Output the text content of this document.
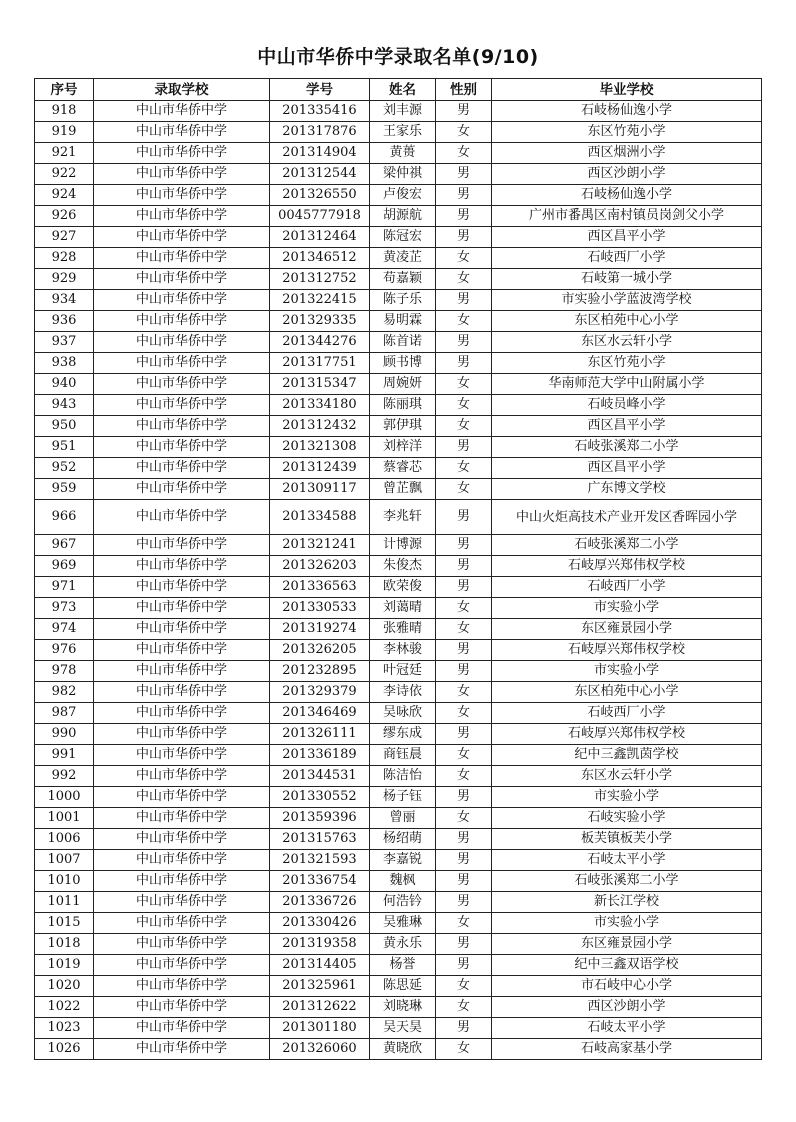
中山市华侨中学录取名单(9/10)
序号	录取学校	学号	姓名	性别	毕业学校
918	中山市华侨中学	201335416	刘丰源	男	石岐杨仙逸小学
919	中山市华侨中学	201317876	王家乐	女	东区竹苑小学
921	中山市华侨中学	201314904	黄蒉	女	西区烟洲小学
922	中山市华侨中学	201312544	梁仲祺	男	西区沙朗小学
924	中山市华侨中学	201326550	卢俊宏	男	石岐杨仙逸小学
926	中山市华侨中学	0045777918	胡源航	男	广州市番禺区南村镇员岗剑父小学
927	中山市华侨中学	201312464	陈冠宏	男	西区昌平小学
928	中山市华侨中学	201346512	黄凌芷	女	石岐西厂小学
929	中山市华侨中学	201312752	苟嘉颖	女	石岐第一城小学
934	中山市华侨中学	201322415	陈子乐	男	市实验小学蓝波湾学校
936	中山市华侨中学	201329335	易明霖	女	东区柏苑中心小学
937	中山市华侨中学	201344276	陈首诺	男	东区水云轩小学
938	中山市华侨中学	201317751	顾书博	男	东区竹苑小学
940	中山市华侨中学	201315347	周婉妍	女	华南师范大学中山附属小学
943	中山市华侨中学	201334180	陈丽琪	女	石岐员峰小学
950	中山市华侨中学	201312432	郭伊琪	女	西区昌平小学
951	中山市华侨中学	201321308	刘梓洋	男	石岐张溪郑二小学
952	中山市华侨中学	201312439	蔡睿芯	女	西区昌平小学
959	中山市华侨中学	201309117	曾芷飘	女	广东博文学校
966	中山市华侨中学	201334588	李兆轩	男	中山火炬高技术产业开发区香晖园小学
967	中山市华侨中学	201321241	计博源	男	石岐张溪郑二小学
969	中山市华侨中学	201326203	朱俊杰	男	石岐厚兴郑伟权学校
971	中山市华侨中学	201336563	欧荣俊	男	石岐西厂小学
973	中山市华侨中学	201330533	刘蔼晴	女	市实验小学
974	中山市华侨中学	201319274	张雅晴	女	东区雍景园小学
976	中山市华侨中学	201326205	李林骏	男	石岐厚兴郑伟权学校
978	中山市华侨中学	201232895	叶冠廷	男	市实验小学
982	中山市华侨中学	201329379	李诗依	女	东区柏苑中心小学
987	中山市华侨中学	201346469	吴咏欣	女	石岐西厂小学
990	中山市华侨中学	201326111	缪东成	男	石岐厚兴郑伟权学校
991	中山市华侨中学	201336189	商钰晨	女	纪中三鑫凯茵学校
992	中山市华侨中学	201344531	陈洁怡	女	东区水云轩小学
1000	中山市华侨中学	201330552	杨子钰	男	市实验小学
1001	中山市华侨中学	201359396	曾丽	女	石岐实验小学
1006	中山市华侨中学	201315763	杨绍萌	男	板芙镇板芙小学
1007	中山市华侨中学	201321593	李嘉锐	男	石岐太平小学
1010	中山市华侨中学	201336754	魏枫	男	石岐张溪郑二小学
1011	中山市华侨中学	201336726	何浩钤	男	新长江学校
1015	中山市华侨中学	201330426	吴雅琳	女	市实验小学
1018	中山市华侨中学	201319358	黄永乐	男	东区雍景园小学
1019	中山市华侨中学	201314405	杨誉	男	纪中三鑫双语学校
1020	中山市华侨中学	201325961	陈思延	女	市石岐中心小学
1022	中山市华侨中学	201312622	刘晓琳	女	西区沙朗小学
1023	中山市华侨中学	201301180	吴天昊	男	石岐太平小学
1026	中山市华侨中学	201326060	黄晓欣	女	石岐高家基小学
